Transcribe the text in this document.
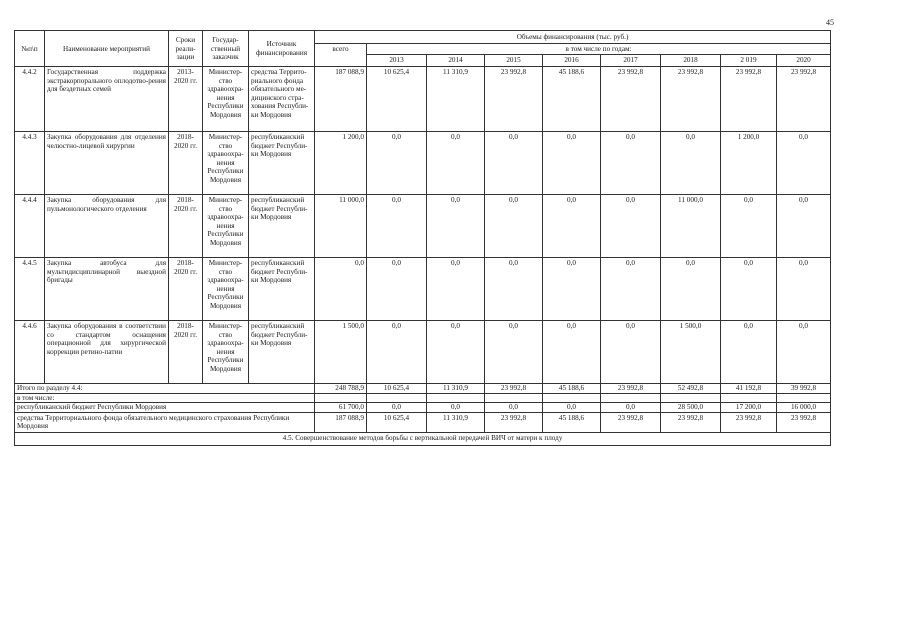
45
№п\п	Наименование мероприятий	Сроки реали-зации	Государ-ственный заказчик	Источник финансирования	Объемы финансирования (тыс. руб.)								
					всего	в том числе по годам:							
						2013	2014	2015	2016	2017	2018	2 019	2020
4.4.2	Государственная поддержка экстракорпорального оплодотво-рения для бездетных семей	2013-2020 гг.	Министер-ство здравоохра-нения Республики Мордовия	средства Террито-риального фонда обязательного ме-дицинского стра-хования Республи-ки Мордовия	187 088,9	10 625,4	11 310,9	23 992,8	45 188,6	23 992,8	23 992,8	23 992,8	23 992,8
4.4.3	Закупка оборудования для отделения челюстно-лицевой хирургии	2018-2020 гг.	Министер-ство здравоохра-нения Республики Мордовия	республиканский бюджет Республи-ки Мордовия	1 200,0	0,0	0,0	0,0	0,0	0,0	0,0	1 200,0	0,0
4.4.4	Закупка оборудования для пульмонологического отделения	2018-2020 гг.	Министер-ство здравоохра-нения Республики Мордовия	республиканский бюджет Республи-ки Мордовия	11 000,0	0,0	0,0	0,0	0,0	0,0	11 000,0	0,0	0,0
4.4.5	Закупка автобуса для мультидисциплинарной выездной бригады	2018-2020 гг.	Министер-ство здравоохра-нения Республики Мордовия	республиканский бюджет Республи-ки Мордовия	0,0	0,0	0,0	0,0	0,0	0,0	0,0	0,0	0,0
4.4.6	Закупка оборудования в соответствии со стандартом оснащения операционной для хирургической коррекции ретино-патии	2018-2020 гг.	Министер-ство здравоохра-нения Республики Мордовия	республиканский бюджет Республи-ки Мордовия	1 500,0	0,0	0,0	0,0	0,0	0,0	1 500,0	0,0	0,0
Итого по разделу 4.4:					248 788,9	10 625,4	11 310,9	23 992,8	45 188,6	23 992,8	52 492,8	41 192,8	39 992,8
в том числе:													
республиканский бюджет Республики Мордовия					61 700,0	0,0	0,0	0,0	0,0	0,0	28 500,0	17 200,0	16 000,0
средства Территориального фонда обязательного медицинского страхования Республики Мордовия					187 088,9	10 625,4	11 310,9	23 992,8	45 188,6	23 992,8	23 992,8	23 992,8	23 992,8
4.5. Совершенствование методов борьбы с вертикальной передачей ВИЧ от матери к плоду													
